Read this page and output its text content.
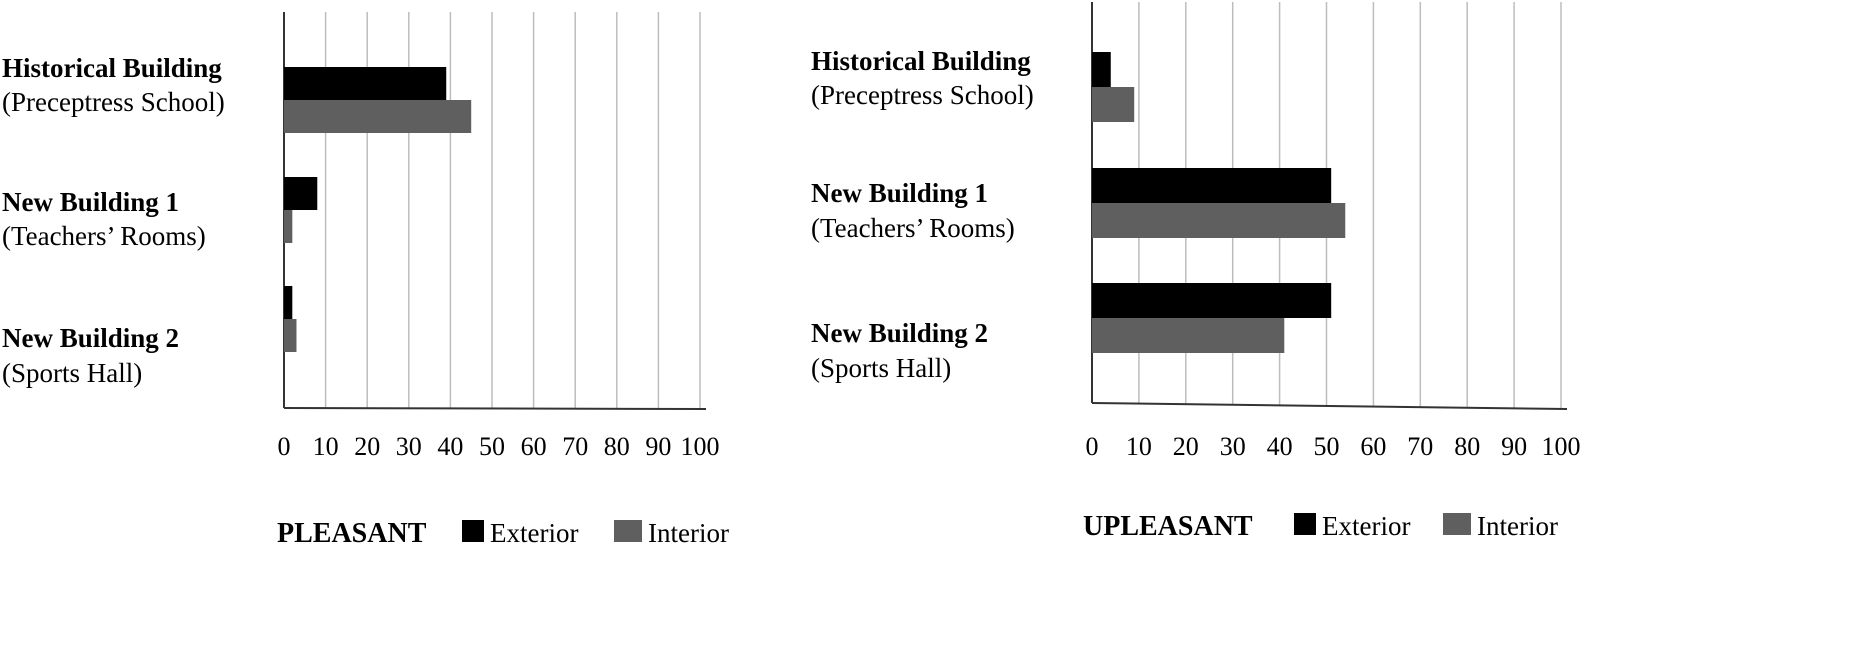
0 10 20 30 40 50 60 70 80 90 100
Historical Building
(Preceptress School)
New Building 1
(Teachers’ Rooms)
New Building 2
(Sports Hall)
PLEASANT Exterior	Interior
0 10 20 30 40 50 60 70 80 90 100
Historical Building
(Preceptress School)
New Building 1
(Teachers’ Rooms)
New Building 2
(Sports Hall)
UPLEASANT	Exterior Interior
